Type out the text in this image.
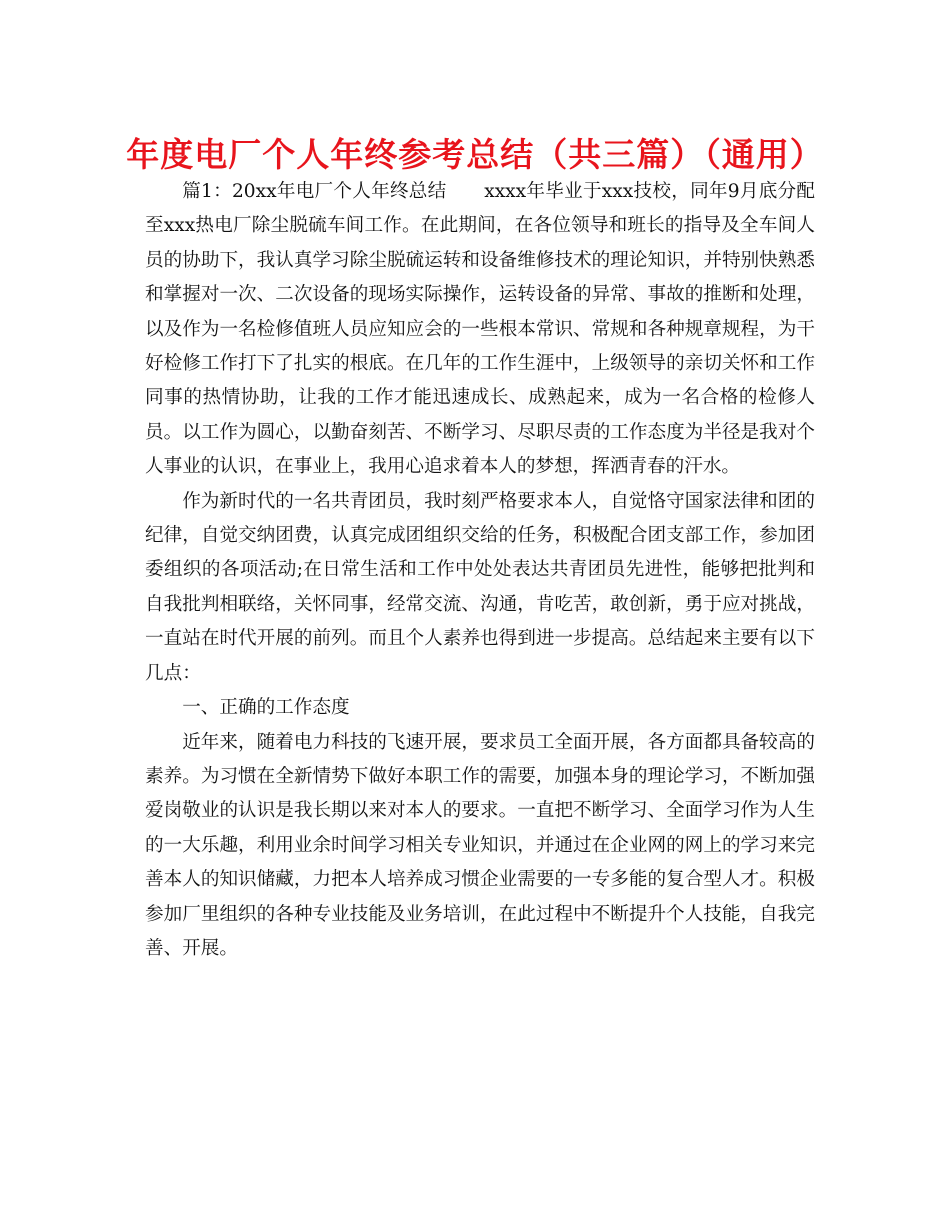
年度电厂个人年终参考总结（共三篇）（通用）

篇1：20xx年电厂个人年终总结　　xxxx年毕业于xxx技校，同年9月底分配至xxx热电厂除尘脱硫车间工作。在此期间，在各位领导和班长的指导及全车间人员的协助下，我认真学习除尘脱硫运转和设备维修技术的理论知识，并特别快熟悉和掌握对一次、二次设备的现场实际操作，运转设备的异常、事故的推断和处理，以及作为一名检修值班人员应知应会的一些根本常识、常规和各种规章规程，为干好检修工作打下了扎实的根底。在几年的工作生涯中，上级领导的亲切关怀和工作同事的热情协助，让我的工作才能迅速成长、成熟起来，成为一名合格的检修人员。以工作为圆心，以勤奋刻苦、不断学习、尽职尽责的工作态度为半径是我对个人事业的认识，在事业上，我用心追求着本人的梦想，挥洒青春的汗水。

作为新时代的一名共青团员，我时刻严格要求本人，自觉恪守国家法律和团的纪律，自觉交纳团费，认真完成团组织交给的任务，积极配合团支部工作，参加团委组织的各项活动;在日常生活和工作中处处表达共青团员先进性，能够把批判和自我批判相联络，关怀同事，经常交流、沟通，肯吃苦，敢创新，勇于应对挑战，一直站在时代开展的前列。而且个人素养也得到进一步提高。总结起来主要有以下几点：

一、正确的工作态度

近年来，随着电力科技的飞速开展，要求员工全面开展，各方面都具备较高的素养。为习惯在全新情势下做好本职工作的需要，加强本身的理论学习，不断加强爱岗敬业的认识是我长期以来对本人的要求。一直把不断学习、全面学习作为人生的一大乐趣，利用业余时间学习相关专业知识，并通过在企业网的网上的学习来完善本人的知识储藏，力把本人培养成习惯企业需要的一专多能的复合型人才。积极参加厂里组织的各种专业技能及业务培训，在此过程中不断提升个人技能，自我完善、开展。
